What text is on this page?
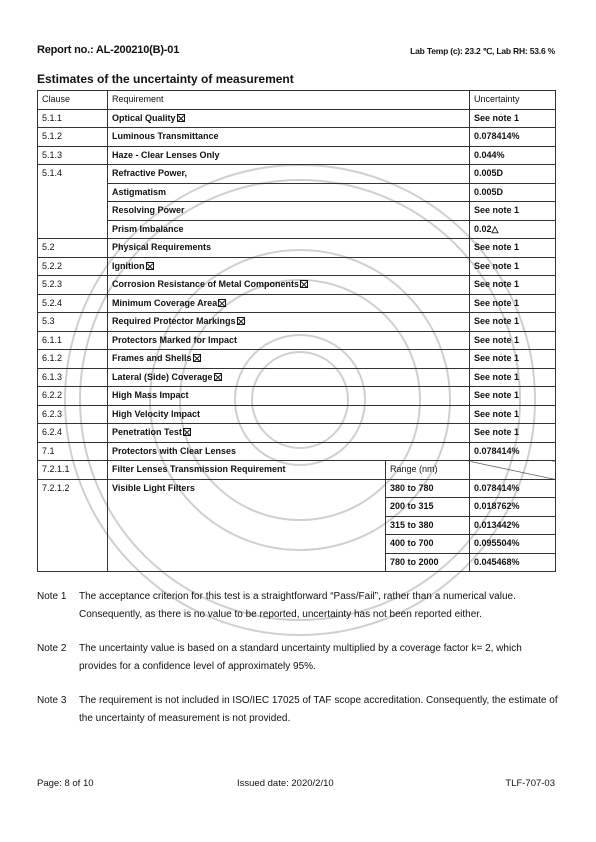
Report no.: AL-200210(B)-01	Lab Temp (c): 23.2 ℃, Lab RH: 53.6 %
Estimates of the uncertainty of measurement
Clause	Requirement		Uncertainty
5.1.1	Optical Quality		See note 1
5.1.2	Luminous Transmittance		0.078414%
5.1.3	Haze - Clear Lenses Only		0.044%
5.1.4	Refractive Power,		0.005D
	Astigmatism		0.005D
	Resolving Power		See note 1
	Prism Imbalance		0.02△
5.2	Physical Requirements		See note 1
5.2.2	Ignition		See note 1
5.2.3	Corrosion Resistance of Metal Components		See note 1
5.2.4	Minimum Coverage Area		See note 1
5.3	Required Protector Markings		See note 1
6.1.1	Protectors Marked for Impact		See note 1
6.1.2	Frames and Shells		See note 1
6.1.3	Lateral (Side) Coverage		See note 1
6.2.2	High Mass Impact		See note 1
6.2.3	High Velocity Impact		See note 1
6.2.4	Penetration Test		See note 1
7.1	Protectors with Clear Lenses		0.078414%
7.2.1.1	Filter Lenses Transmission Requirement	Range (nm)	
7.2.1.2	Visible Light Filters	380 to 780	0.078414%
		200 to 315	0.018762%
		315 to 380	0.013442%
		400 to 700	0.095504%
		780 to 2000	0.045468%
Note 1	The acceptance criterion for this test is a straightforward “Pass/Fail”, rather than a numerical value. Consequently, as there is no value to be reported, uncertainty has not been reported either.
Note 2	The uncertainty value is based on a standard uncertainty multiplied by a coverage factor k= 2, which provides for a confidence level of approximately 95%.
Note 3	The requirement is not included in ISO/IEC 17025 of TAF scope accreditation. Consequently, the estimate of the uncertainty of measurement is not provided.
Page: 8 of 10	Issued date: 2020/2/10	TLF-707-03
